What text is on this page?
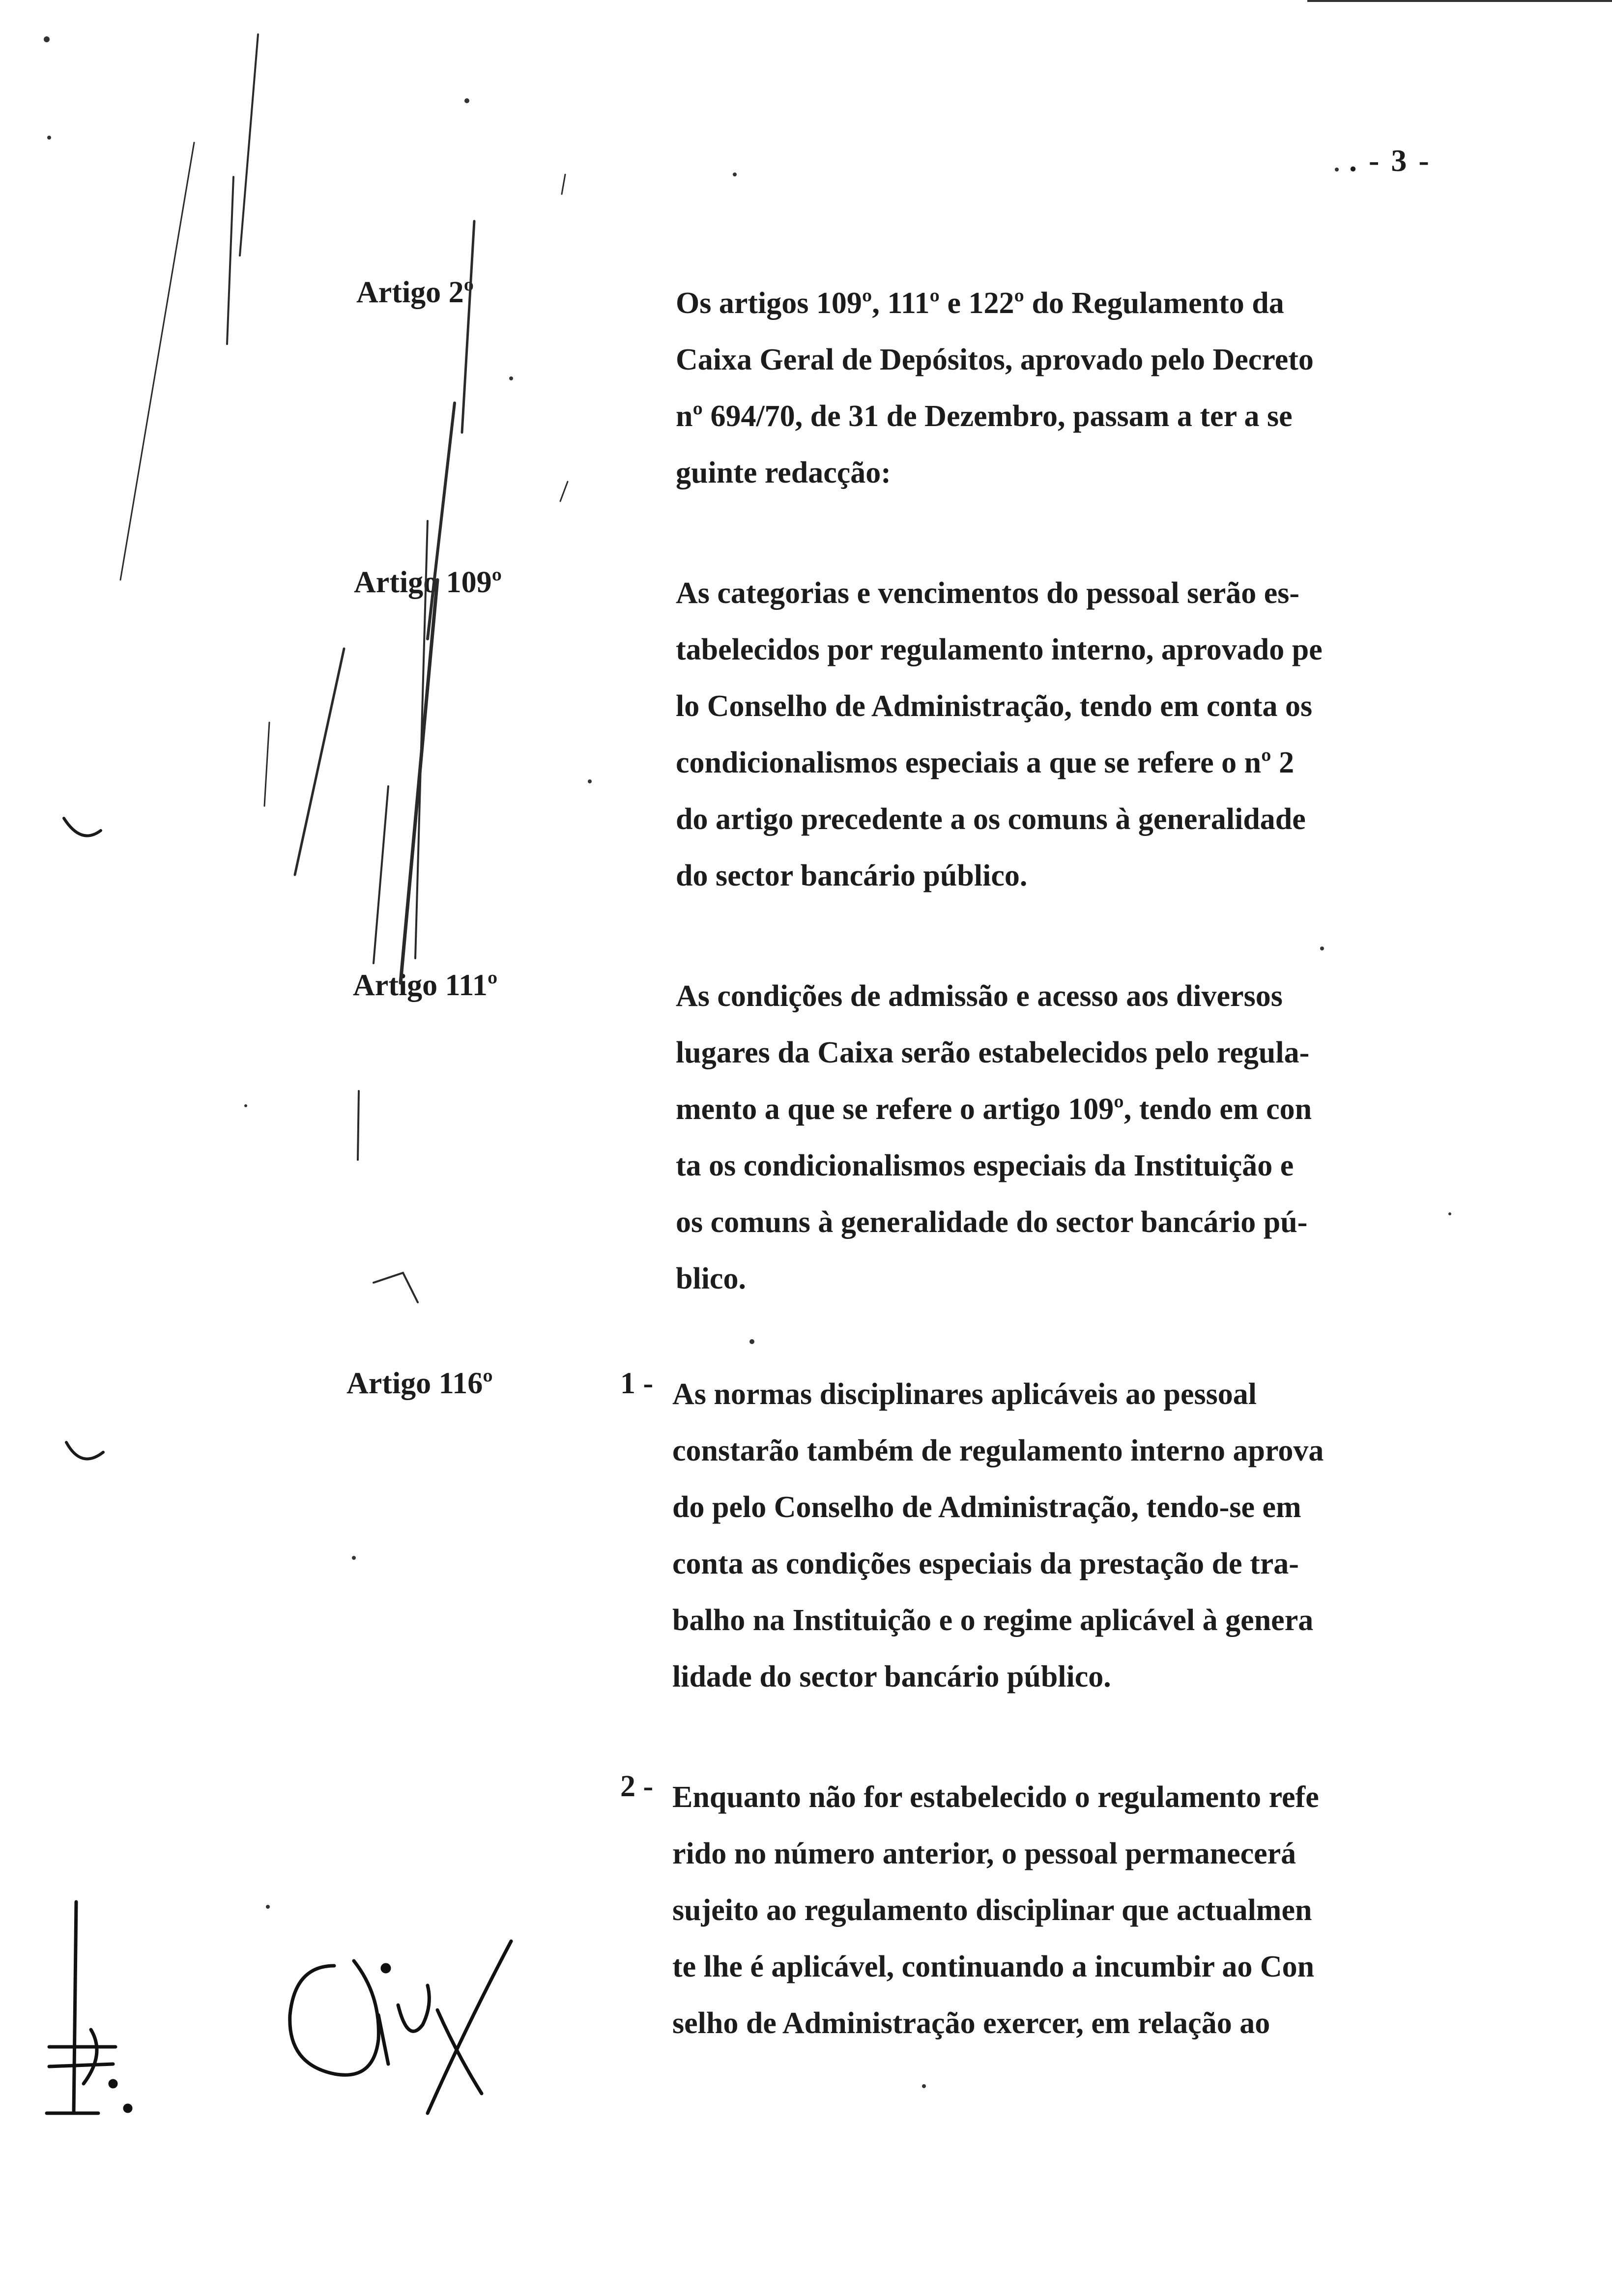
. - 3 -
Artigo 2º	Os artigos 109º, 111º e 122º do Regulamento da
Caixa Geral de Depósitos, aprovado pelo Decreto
nº 694/70, de 31 de Dezembro, passam a ter a se
guinte redacção:
Artigo 109º	As categorias e vencimentos do pessoal serão es-
tabelecidos por regulamento interno, aprovado pe
lo Conselho de Administração, tendo em conta os
condicionalismos especiais a que se refere o nº 2
do artigo precedente a os comuns à generalidade
do sector bancário público.
Artigo 111º	As condições de admissão e acesso aos diversos
lugares da Caixa serão estabelecidos pelo regula-
mento a que se refere o artigo 109º, tendo em con
ta os condicionalismos especiais da Instituição e
os comuns à generalidade do sector bancário pú-
blico.
Artigo 116º	1 - As normas disciplinares aplicáveis ao pessoal
constarão também de regulamento interno aprova
do pelo Conselho de Administração, tendo-se em
conta as condições especiais da prestação de tra-
balho na Instituição e o regime aplicável à genera
lidade do sector bancário público.
2 - Enquanto não for estabelecido o regulamento refe
rido no número anterior, o pessoal permanecerá
sujeito ao regulamento disciplinar que actualmen
te lhe é aplicável, continuando a incumbir ao Con
selho de Administração exercer, em relação ao
